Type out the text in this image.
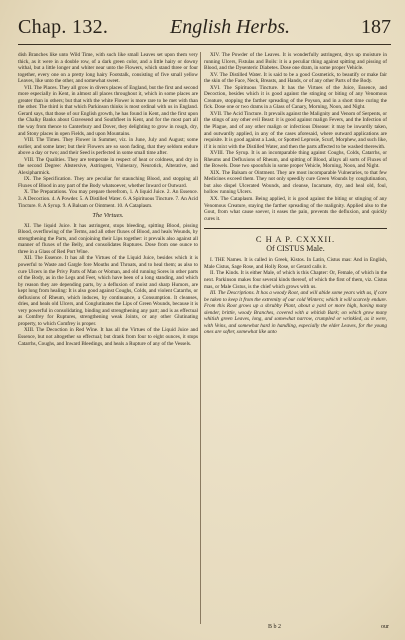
Chap. 132.	English Herbs.	187

dish Branches like unto Wild Time, with such like small Leaves set upon them very thick, as it were in a double row, of a dark green color, and a little hairy or downy withal, but a little longer and whiter near unto the Flowers, which stand three or four together, every one on a pretty long hairy Footstalk, consisting of five small yellow Leaves, like unto the other, and somewhat sweet.

VII. The Places. They all grow in divers places of England, but the first and second more especially in Kent, in almost all places throughout it, which in some places are greater than in others; but that with the white Flower is more rare to be met with than the other. The third is that which Parkinson thinks is most ordinal with us in England. Gerard says, that those of our English growth, he has found in Kent, and the first upon the Chalky Banks about Gravesend and Southfleet in Kent, and for the most part all the way from thence to Canterbury and Dover, they delighting to grow in rough, dry, and Stony places in open Fields, and upon Mountains.

VIII. The Times. They Flower in Summer, viz. in June, July and August; some earlier, and some later; but their Flowers are so soon fading, that they seldom endure above a day or two; and their Seed is perfected in some small time after.

VIII. The Qualities. They are temperate in respect of heat or coldness, and dry in the second Degree: Abstersive, Astringent, Vulnerary, Neurotick, Alterative, and Alexipharmick.

IX. The Specification. They are peculiar for staunching Blood, and stopping all Fluxes of Blood in any part of the Body whatsoever, whether Inward or Outward.

X. The Preparations. You may prepare therefrom, 1. A liquid Juice. 2. An Essence. 3. A Decoction. 4. A Powder. 5. A Distilled Water. 6. A Spirituous Tincture. 7. An Acid Tincture. 8. A Syrup. 9. A Balsam or Ointment. 10. A Cataplasm.

The Virtues.

XI. The liquid Juice. It has astringent, stops bleeding, spitting Blood, pissing Blood, overflowing of the Terms, and all other fluxes of Blood, and heals Wounds, by strengthening the Parts, and conjoining their Lips together: it prevails also against all manner of fluxes of the Belly, and consolidates Ruptures. Dose from one ounce to three in a Glass of Red Port Wine.

XII. The Essence. It has all the Virtues of the Liquid Juice, besides which it is powerful to Waste and Gargle fore Mouths and Throats, and to heal them; as also to cure Ulcers in the Privy Parts of Man or Woman, and old running Sores in other parts of the Body, as in the Legs and Feet, which have been of a long standing, and which by reason they are depending parts, by a defluxion of moist and sharp Humors, are kept long from healing: It is also good against Coughs, Colds, and violent Catarrhs, or defluxions of Rheum, which induces, by continuance, a Consumption. It cleanses, dries, and heals old Ulcers, and Conglutinates the Lips of Green Wounds, because it is very powerful in consolidating, binding and strengthening any part; and is as effectual as Comfrey for Ruptures, strengthening weak Joints, or any other Glutinating property, to which Comfrey is proper.

XIII. The Decoction in Red Wine. It has all the Virtues of the Liquid Juice and Essence, but not altogether so effectual; but drank from four to eight ounces, it stops Catarrhs, Coughs, and Inward Bleedings, and heals a Rupture of any of the Vessels.

XIV. The Powder of the Leaves. It is wonderfully astringent, drys up moisture in running Ulcers, Fistulas and Boils: it is a peculiar thing against spitting and pissing of Blood, and the Dysenteric Diabetes. Dose one dram, in some proper Vehicle.

XV. The Distilled Water. It is said to be a good Cosmetick, to beautify or make fair the skin of the Face, Neck, Breasts, and Hands, or of any other Parts of the Body.

XVI. The Spirituous Tincture. It has the Virtues of the Juice, Essence, and Decoction, besides which it is good against the stinging or biting of any Venomous Creature, stopping the farther spreading of the Poyson, and in a short time curing the fick. Dose one or two drams in a Glass of Canary, Morning, Noon, and Night.

XVII. The Acid Tincture. It prevails against the Malignity and Venom of Serpents, or the stings of any other evil Beast: it is good against malign Fevers, and the Infection of the Plague, and of any other malign or infectious Disease: it may be inwardly taken, and outwardly applied, in any of the cases aforesaid, where outward applications are requisite. It is good against a Lask, or Spotted Leprosie, Scurf, Morphew, and such like, if it is mixt with the Distilled Water, and then the parts affected to be washed therewith.

XVIII. The Syrup. It is an incomparable thing against Coughs, Colds, Catarrhs, or Rheums and Defluxions of Rheum, and spitting of Blood, allays all sorts of Fluxes of the Bowels. Dose two spoonfuls in some proper Vehicle, Morning, Noon, and Night.

XIX. The Balsam or Ointment. They are most incomparable Vulneraries, to that few Medicines exceed them. They not only speedily cure Green Wounds by conglutination, but also dispel Ulcerated Wounds, and cleanse, Incarnate, dry, and heal old, foul, hollow running Ulcers.

XX. The Cataplasm. Being applied, it is good against the biting or stinging of any Venomous Creature, staying the farther spreading of the malignity. Applied also to the Gout, from what cause soever, it eases the pain, prevents the defluxion, and quickly cures it.

C H A P. CXXXII.
Of CISTUS Male.

I. THE Names. It is called in Greek, Kistos. In Latin, Cistus mas: And in English, Male Cistus, Sage Rose, and Holly Rose, or Gerard calls it.

II. The Kinds. It is either Male, of which is this Chapter: Or, Female, of which in the next. Parkinson makes four several kinds thereof, of which the first of them, viz. Cistus mas, or Male Cistus, is the chief which grows with us.

III. The Descriptions. It has a woody Root, and will abide some years with us, if care be taken to keep it from the extremity of our cold Winters; which it will scarcely endure. From this Root grows up a shrubby Plant, about a yard or more high, having many slender, brittle, woody Branches, covered with a whitish Bark; on which grow many whitish green Leaves, long, and somewhat narrow, crumpled or wrinkled, as it were, with Veins, and somewhat hard in handling, especially the elder Leaves, for the young ones are softer, somewhat like unto

B b 2	our
